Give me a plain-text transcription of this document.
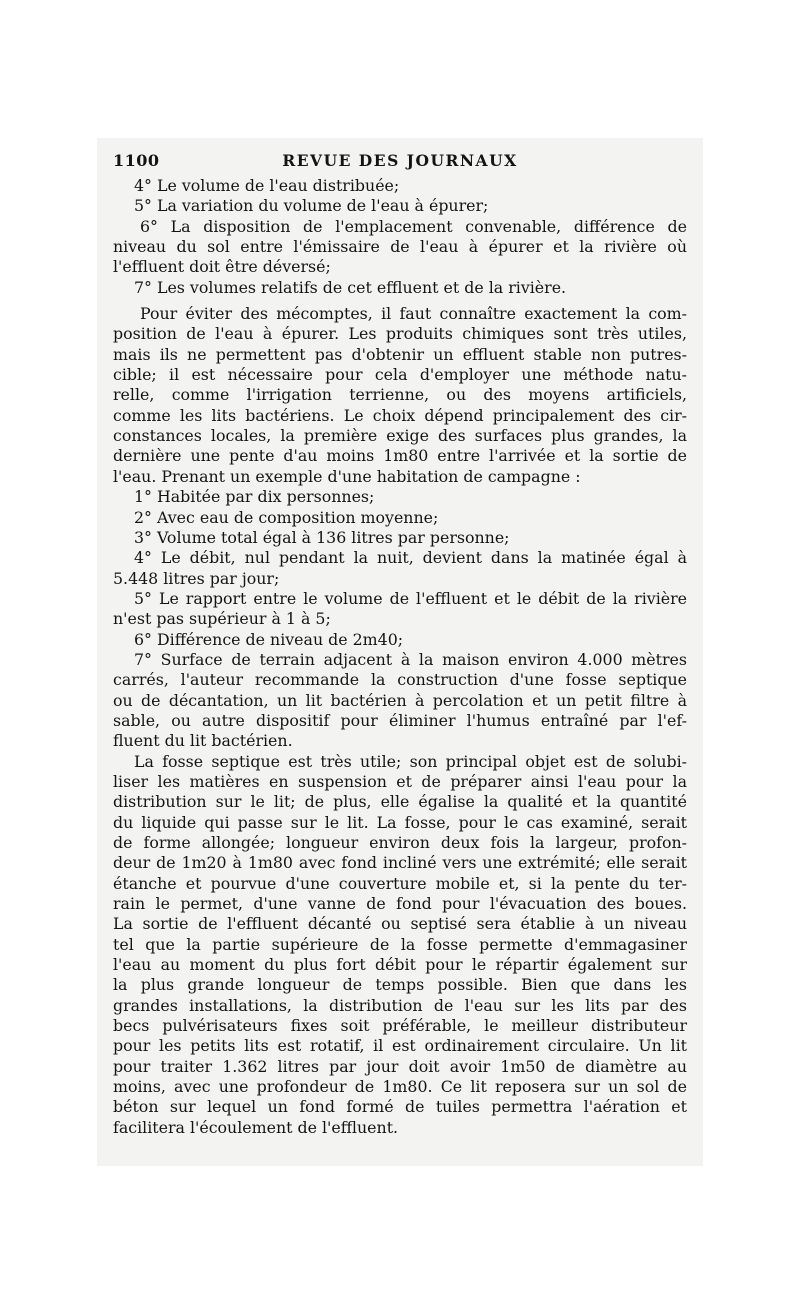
1100	REVUE DES JOURNAUX
4° Le volume de l'eau distribuée;
5° La variation du volume de l'eau à épurer;
6° La disposition de l'emplacement convenable, différence de
niveau du sol entre l'émissaire de l'eau à épurer et la rivière où
l'effluent doit être déversé;
7° Les volumes relatifs de cet effluent et de la rivière.
Pour éviter des mécomptes, il faut connaître exactement la com-
position de l'eau à épurer. Les produits chimiques sont très utiles,
mais ils ne permettent pas d'obtenir un effluent stable non putres-
cible; il est nécessaire pour cela d'employer une méthode natu-
relle, comme l'irrigation terrienne, ou des moyens artificiels,
comme les lits bactériens. Le choix dépend principalement des cir-
constances locales, la première exige des surfaces plus grandes, la
dernière une pente d'au moins 1m80 entre l'arrivée et la sortie de
l'eau. Prenant un exemple d'une habitation de campagne :
1° Habitée par dix personnes;
2° Avec eau de composition moyenne;
3° Volume total égal à 136 litres par personne;
4° Le débit, nul pendant la nuit, devient dans la matinée égal à
5.448 litres par jour;
5° Le rapport entre le volume de l'effluent et le débit de la rivière
n'est pas supérieur à 1 à 5;
6° Différence de niveau de 2m40;
7° Surface de terrain adjacent à la maison environ 4.000 mètres
carrés, l'auteur recommande la construction d'une fosse septique
ou de décantation, un lit bactérien à percolation et un petit filtre à
sable, ou autre dispositif pour éliminer l'humus entraîné par l'ef-
fluent du lit bactérien.
La fosse septique est très utile; son principal objet est de solubi-
liser les matières en suspension et de préparer ainsi l'eau pour la
distribution sur le lit; de plus, elle égalise la qualité et la quantité
du liquide qui passe sur le lit. La fosse, pour le cas examiné, serait
de forme allongée; longueur environ deux fois la largeur, profon-
deur de 1m20 à 1m80 avec fond incliné vers une extrémité; elle serait
étanche et pourvue d'une couverture mobile et, si la pente du ter-
rain le permet, d'une vanne de fond pour l'évacuation des boues.
La sortie de l'effluent décanté ou septisé sera établie à un niveau
tel que la partie supérieure de la fosse permette d'emmagasiner
l'eau au moment du plus fort débit pour le répartir également sur
la plus grande longueur de temps possible. Bien que dans les
grandes installations, la distribution de l'eau sur les lits par des
becs pulvérisateurs fixes soit préférable, le meilleur distributeur
pour les petits lits est rotatif, il est ordinairement circulaire. Un lit
pour traiter 1.362 litres par jour doit avoir 1m50 de diamètre au
moins, avec une profondeur de 1m80. Ce lit reposera sur un sol de
béton sur lequel un fond formé de tuiles permettra l'aération et
facilitera l'écoulement de l'effluent.
